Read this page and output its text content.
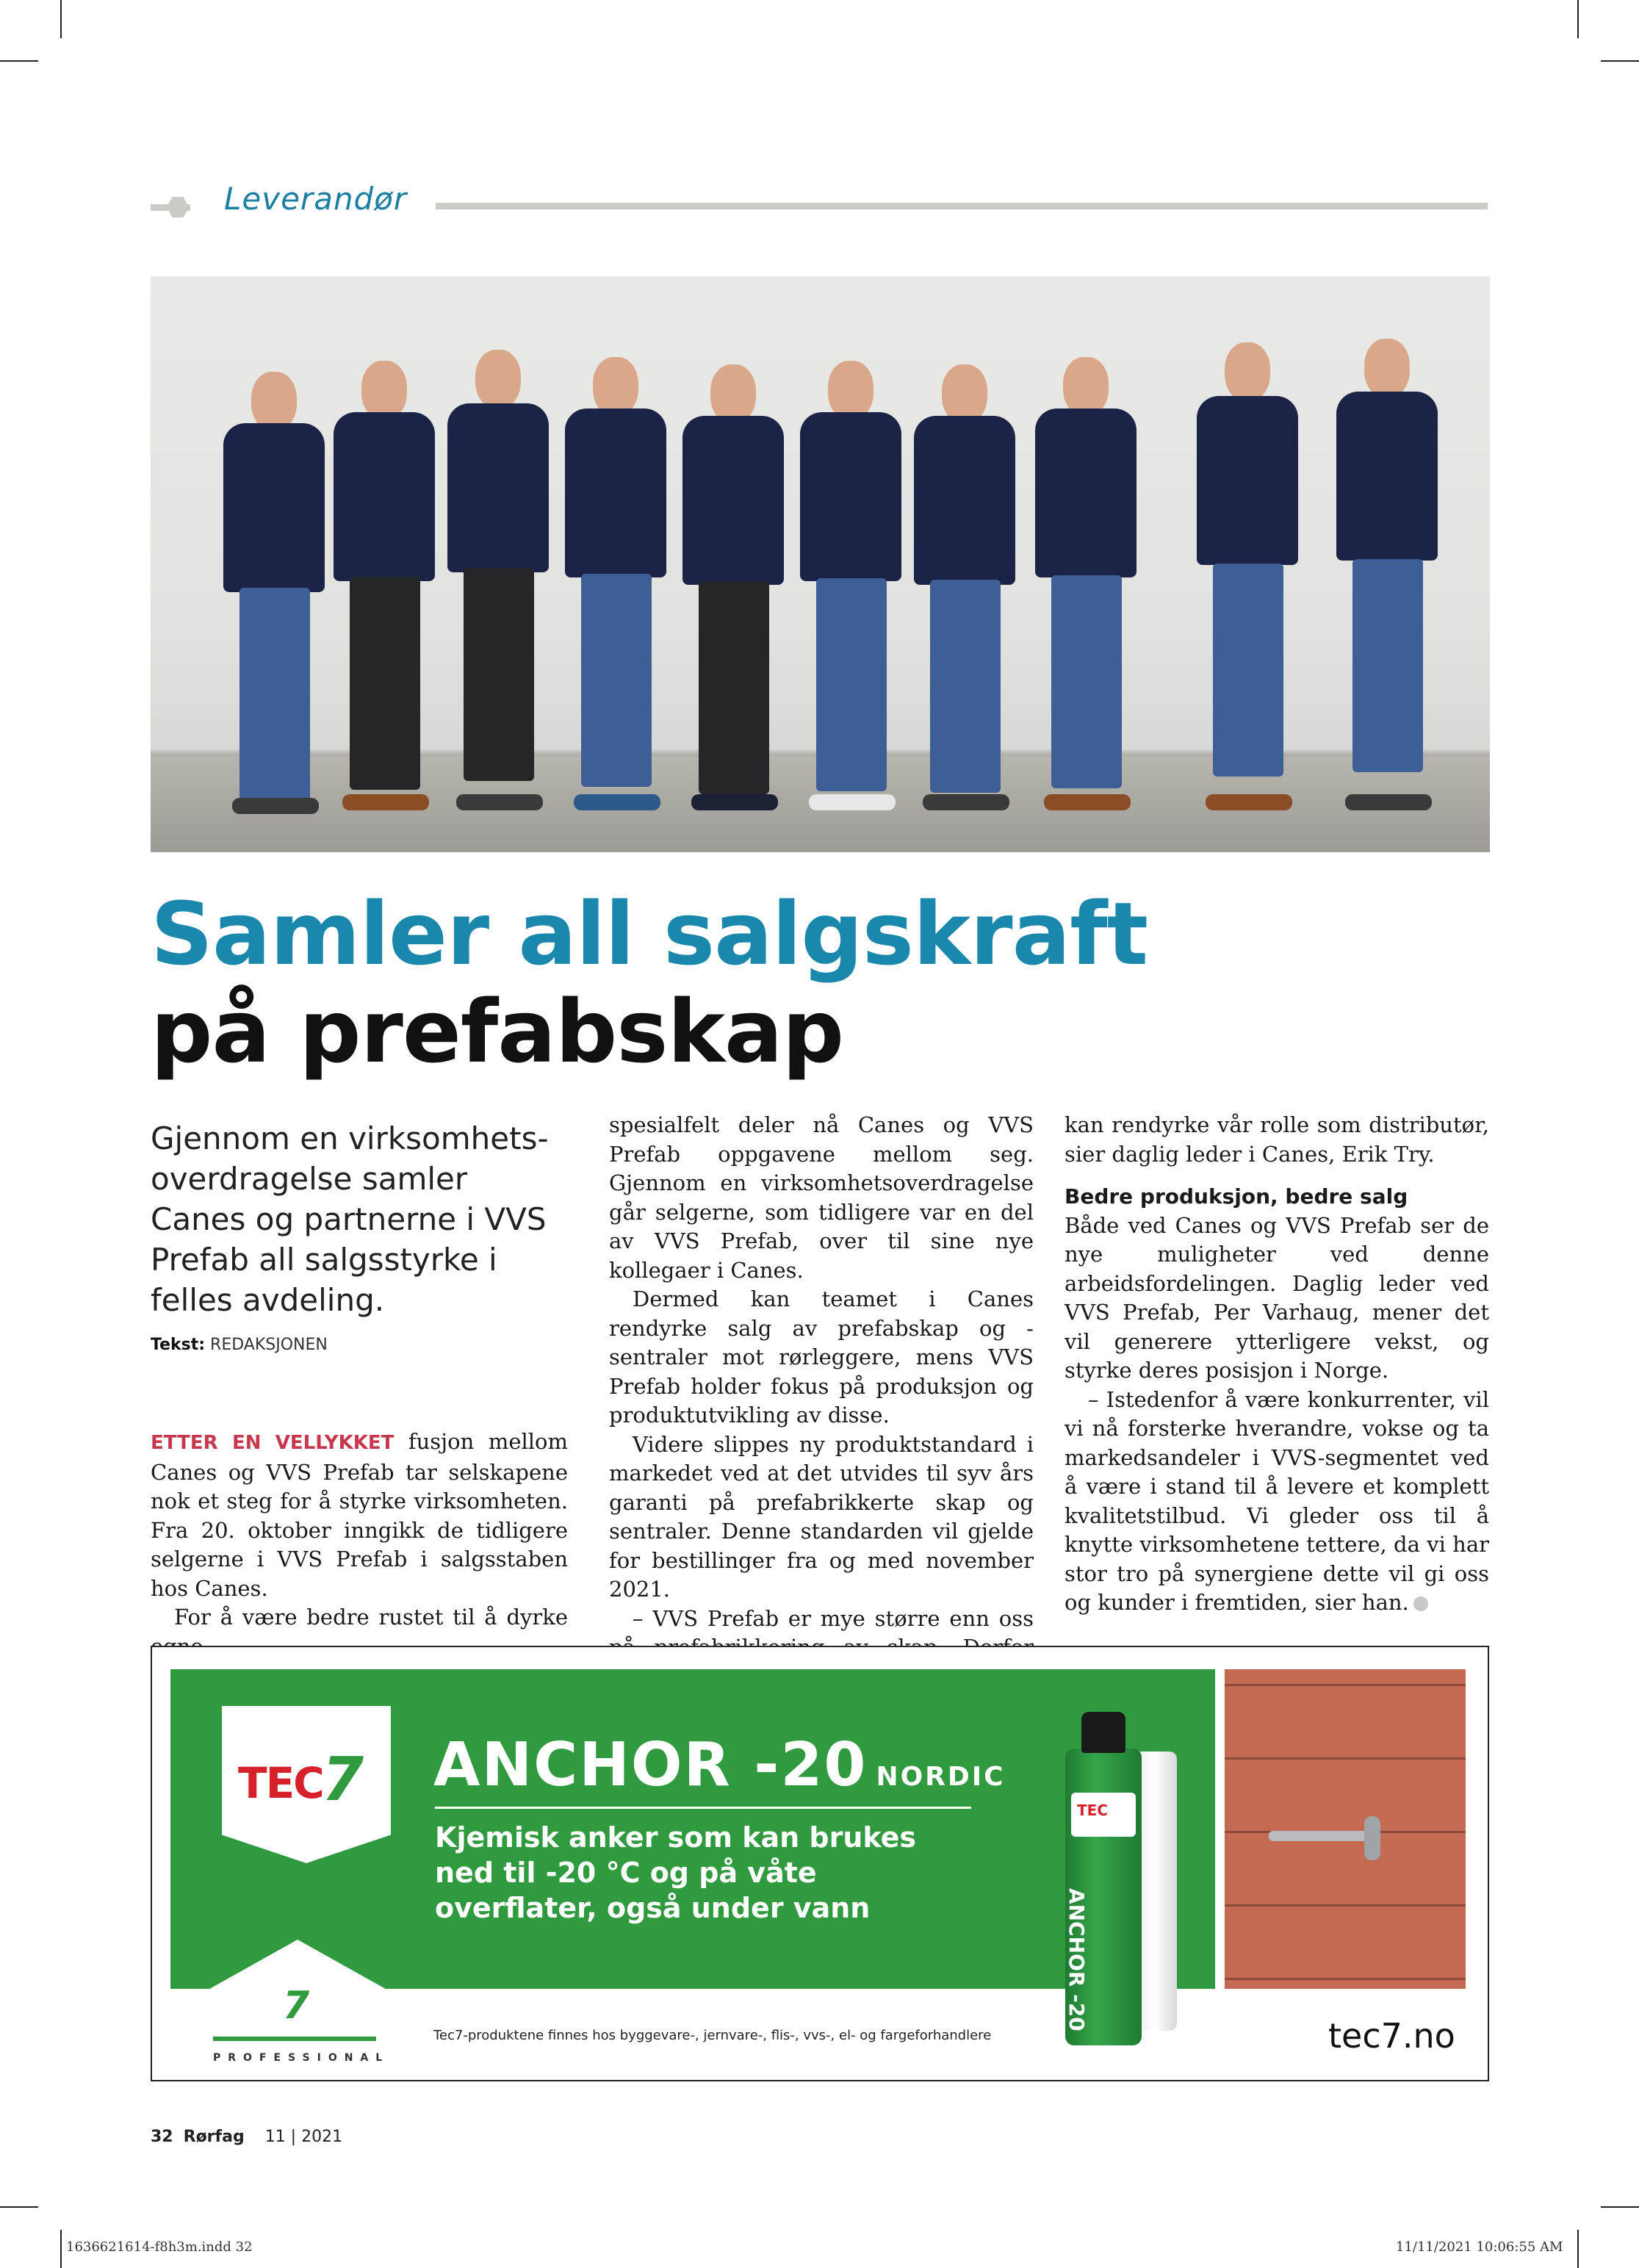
Leverandør
Samler all salgskraft
på prefabskap
Gjennom en virksomhetsoverdragelse samler Canes og partnerne i VVS Prefab all salgsstyrke i felles avdeling.
Tekst: REDAKSJONEN

ETTER EN VELLYKKET fusjon mellom Canes og VVS Prefab tar selskapene nok et steg for å styrke virksomheten. Fra 20. oktober inngikk de tidligere selgerne i VVS Prefab i salgsstaben hos Canes.

For å være bedre rustet til å dyrke

spesialfelt deler nå Canes og VVS Prefab oppgavene mellom seg. Gjennom en virksomhetsoverdragelse går selgerne, som tidligere var en del av VVS Prefab, over til sine nye kollegaer i Canes.

Dermed kan teamet i Canes rendyrke salg av prefabskap og - sentraler mot rørleggere, mens VVS Prefab holder fokus på produksjon og produktutvikling av disse.

Videre slippes ny produktstandard i markedet ved at det utvides til syv års garanti på prefabrikkerte skap og sentraler. Denne standarden vil gjelde for bestillinger fra og med november 2021.

– VVS Prefab er mye større enn oss

kan rendyrke vår rolle som distributør, sier daglig leder i Canes, Erik Try.

Bedre produksjon, bedre salg

Både ved Canes og VVS Prefab ser de nye muligheter ved denne arbeidsfordelingen. Daglig leder ved VVS Prefab, Per Varhaug, mener det vil generere ytterligere vekst, og styrke deres posisjon i Norge.

– Istedenfor å være konkurrenter, vil vi nå forsterke hverandre, vokse og ta markedsandeler i VVS-segmentet ved å være i stand til å levere et komplett kvalitetstilbud. Vi gleder oss til å knytte virksomhetene tettere, da vi har stor tro på synergiene dette vil gi oss og kunder i fremtiden, sier han.

TEC
7 ANCHOR -20 NORDIC
Kjemisk anker som kan brukes ned til -20 °C og på våte overflater, også under vann
7
PROFESSIONAL
Tec7-produktene finnes hos byggevare-, jernvare-, flis-, vvs-, el- og fargeforhandlere	tec7.no
TEC
ANCHOR -20
32 Rørfag 11 | 2021
1636621614-f8h3m.indd 32	11/11/2021 10:06:55 AM
